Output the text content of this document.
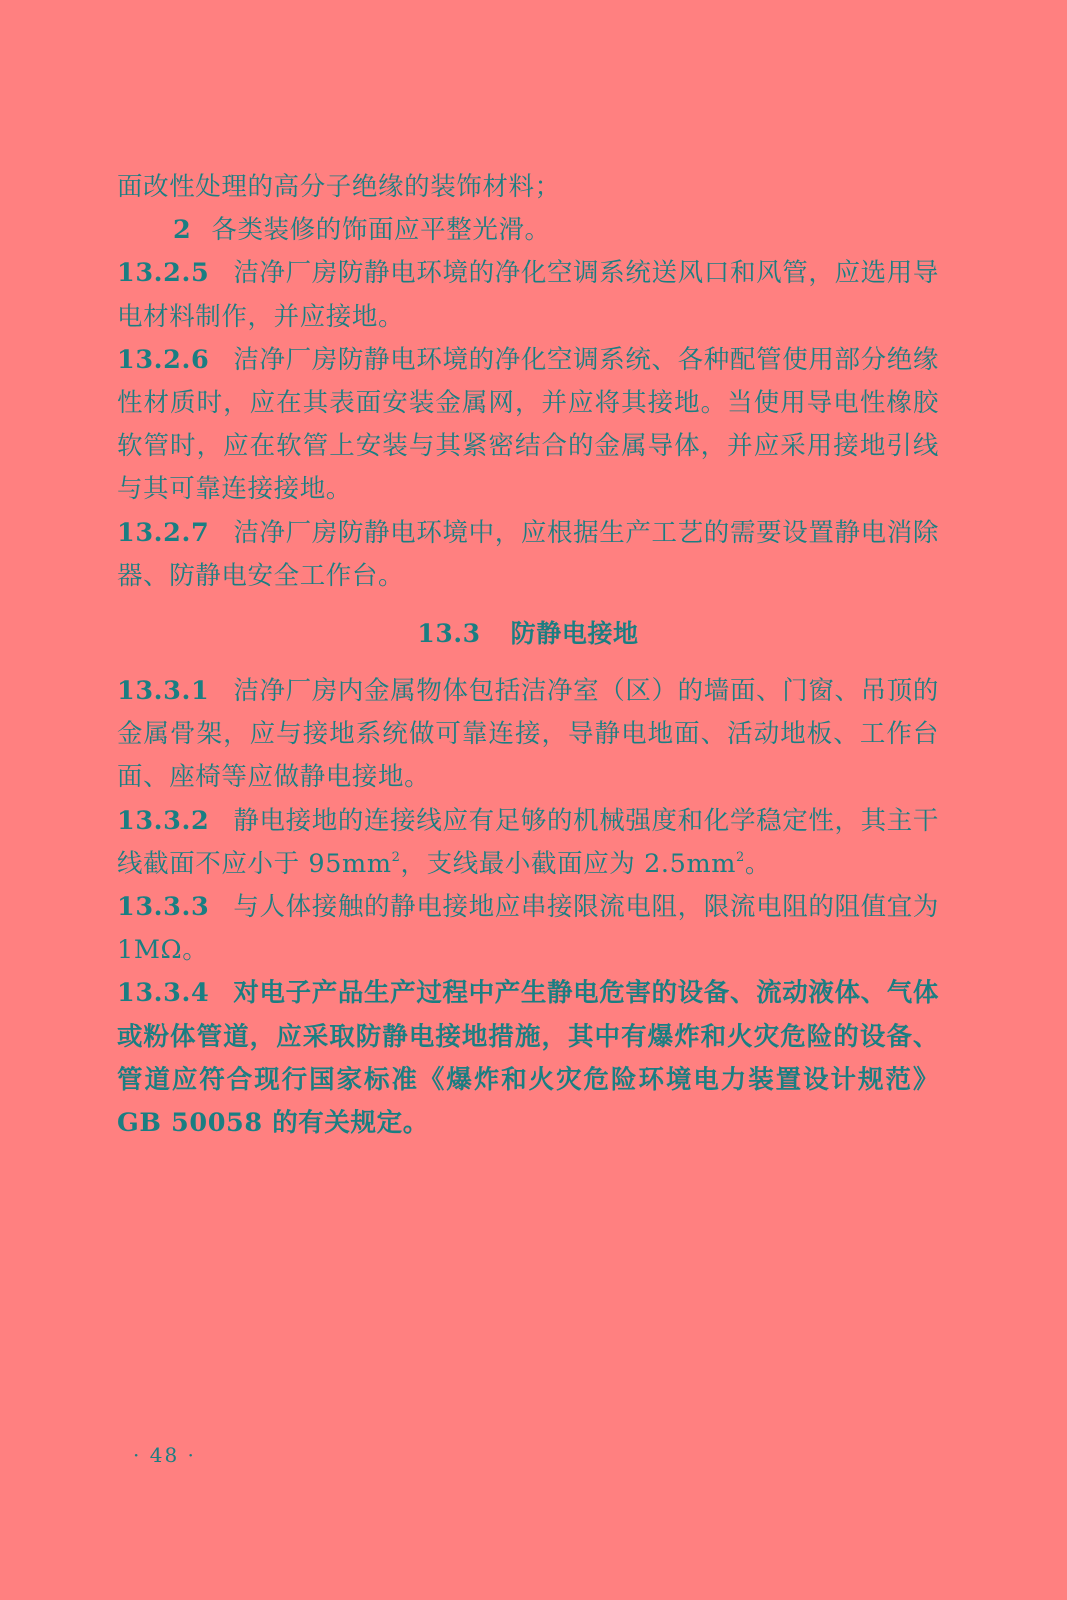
面改性处理的高分子绝缘的装饰材料；

2 各类装修的饰面应平整光滑。

13.2.5 洁净厂房防静电环境的净化空调系统送风口和风管，应选用导电材料制作，并应接地。

13.2.6 洁净厂房防静电环境的净化空调系统、各种配管使用部分绝缘性材质时，应在其表面安装金属网，并应将其接地。当使用导电性橡胶软管时，应在软管上安装与其紧密结合的金属导体，并应采用接地引线与其可靠连接接地。

13.2.7 洁净厂房防静电环境中，应根据生产工艺的需要设置静电消除器、防静电安全工作台。

13.3 防静电接地

13.3.1 洁净厂房内金属物体包括洁净室（区）的墙面、门窗、吊顶的金属骨架，应与接地系统做可靠连接，导静电地面、活动地板、工作台面、座椅等应做静电接地。

13.3.2 静电接地的连接线应有足够的机械强度和化学稳定性，其主干线截面不应小于 $95mm^2$，支线最小截面应为 $2.5mm^2$。

13.3.3 与人体接触的静电接地应串接限流电阻，限流电阻的阻值宜为 1MΩ。

13.3.4 对电子产品生产过程中产生静电危害的设备、流动液体、气体或粉体管道，应采取防静电接地措施，其中有爆炸和火灾危险的设备、管道应符合现行国家标准《爆炸和火灾危险环境电力装置设计规范》GB 50058 的有关规定。

· 48 ·
